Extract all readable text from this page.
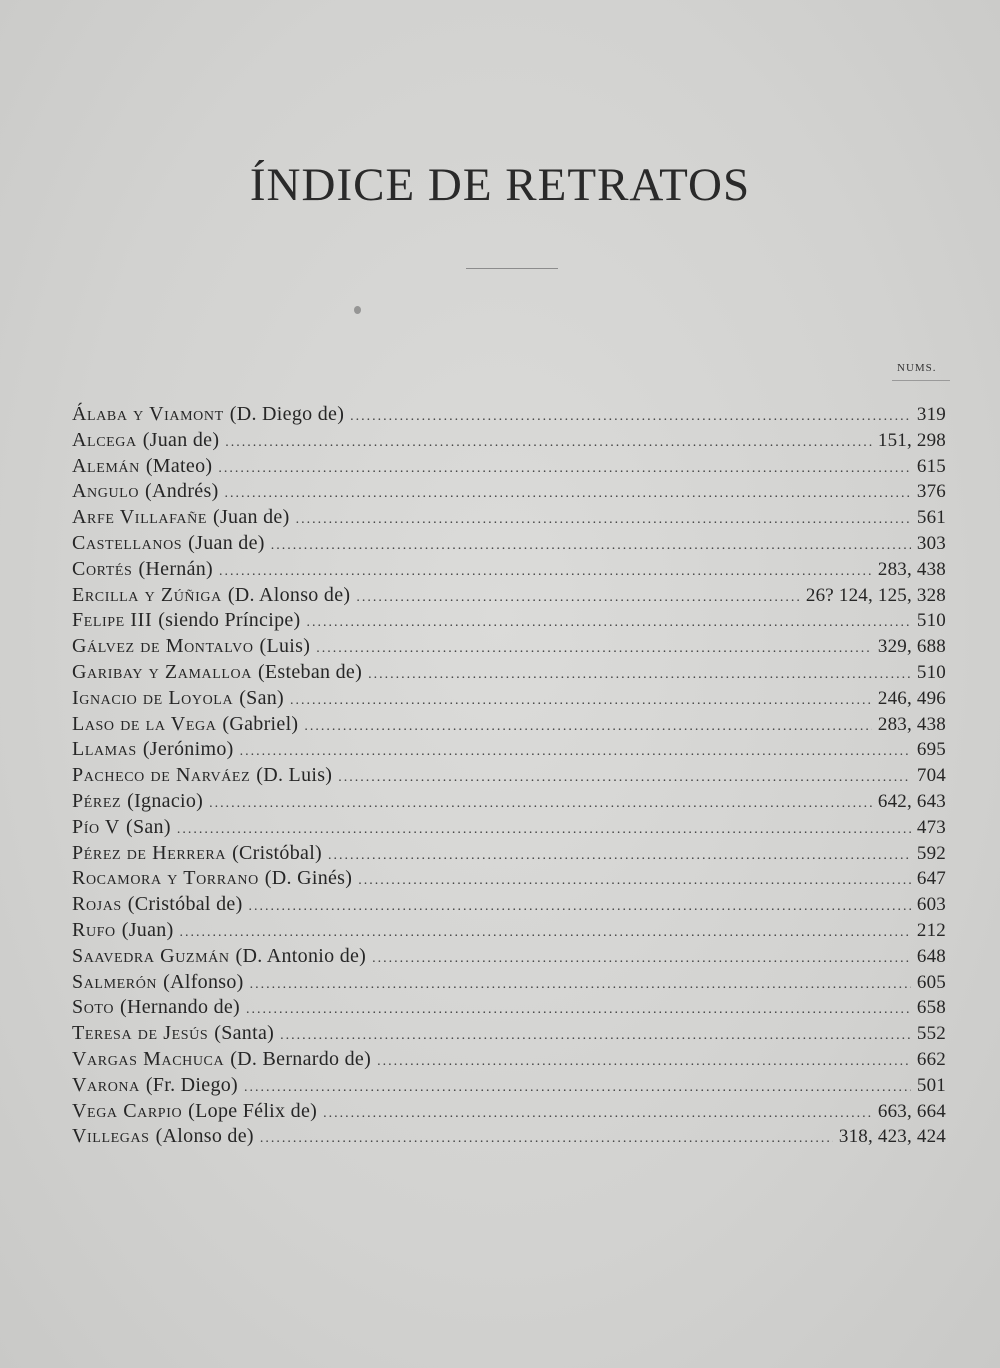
ÍNDICE DE RETRATOS
NUMS.
Álaba y Viamont (D. Diego de) .....	319
Alcega (Juan de) .....	151, 298
Alemán (Mateo) .....	615
Angulo (Andrés) .....	376
Arfe Villafañe (Juan de) .....	561
Castellanos (Juan de) .....	303
Cortés (Hernán) .....	283, 438
Ercilla y Zúñiga (D. Alonso de) .....	26? 124, 125, 328
Felipe III (siendo Príncipe) .....	510
Gálvez de Montalvo (Luis) .....	329, 688
Garibay y Zamalloa (Esteban de) .....	510
Ignacio de Loyola (San) .....	246, 496
Laso de la Vega (Gabriel) .....	283, 438
Llamas (Jerónimo) .....	695
Pacheco de Narváez (D. Luis) .....	704
Pérez (Ignacio) .....	642, 643
Pío V (San) .....	473
Pérez de Herrera (Cristóbal) .....	592
Rocamora y Torrano (D. Ginés) .....	647
Rojas (Cristóbal de) .....	603
Rufo (Juan) .....	212
Saavedra Guzmán (D. Antonio de) .....	648
Salmerón (Alfonso) .....	605
Soto (Hernando de) .....	658
Teresa de Jesús (Santa) .....	552
Vargas Machuca (D. Bernardo de) .....	662
Varona (Fr. Diego) .....	501
Vega Carpio (Lope Félix de) .....	663, 664
Villegas (Alonso de) .....	318, 423, 424
